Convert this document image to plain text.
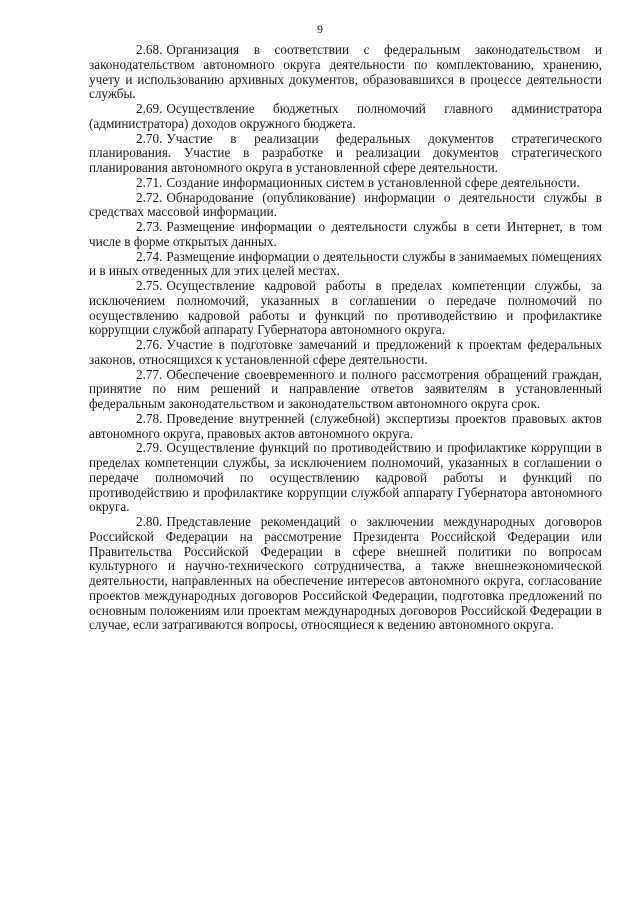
9

2.68. Организация в соответствии с федеральным законодательством и законодательством автономного округа деятельности по комплектованию, хранению, учету и использованию архивных документов, образовавшихся в процессе деятельности службы.

2.69. Осуществление бюджетных полномочий главного администратора (администратора) доходов окружного бюджета.

2.70. Участие в реализации федеральных документов стратегического планирования. Участие в разработке и реализации документов стратегического планирования автономного округа в установленной сфере деятельности.

2.71. Создание информационных систем в установленной сфере деятельности.

2.72. Обнародование (опубликование) информации о деятельности службы в средствах массовой информации.

2.73. Размещение информации о деятельности службы в сети Интернет, в том числе в форме открытых данных.

2.74. Размещение информации о деятельности службы в занимаемых помещениях и в иных отведенных для этих целей местах.

2.75. Осуществление кадровой работы в пределах компетенции службы, за исключением полномочий, указанных в соглашении о передаче полномочий по осуществлению кадровой работы и функций по противодействию и профилактике коррупции службой аппарату Губернатора автономного округа.

2.76. Участие в подготовке замечаний и предложений к проектам федеральных законов, относящихся к установленной сфере деятельности.

2.77. Обеспечение своевременного и полного рассмотрения обращений граждан, принятие по ним решений и направление ответов заявителям в установленный федеральным законодательством и законодательством автономного округа срок.

2.78. Проведение внутренней (служебной) экспертизы проектов правовых актов автономного округа, правовых актов автономного округа.

2.79. Осуществление функций по противодействию и профилактике коррупции в пределах компетенции службы, за исключением полномочий, указанных в соглашении о передаче полномочий по осуществлению кадровой работы и функций по противодействию и профилактике коррупции службой аппарату Губернатора автономного округа.

2.80. Представление рекомендаций о заключении международных договоров Российской Федерации на рассмотрение Президента Российской Федерации или Правительства Российской Федерации в сфере внешней политики по вопросам культурного и научно-технического сотрудничества, а также внешнеэкономической деятельности, направленных на обеспечение интересов автономного округа, согласование проектов международных договоров Российской Федерации, подготовка предложений по основным положениям или проектам международных договоров Российской Федерации в случае, если затрагиваются вопросы, относящиеся к ведению автономного округа.
